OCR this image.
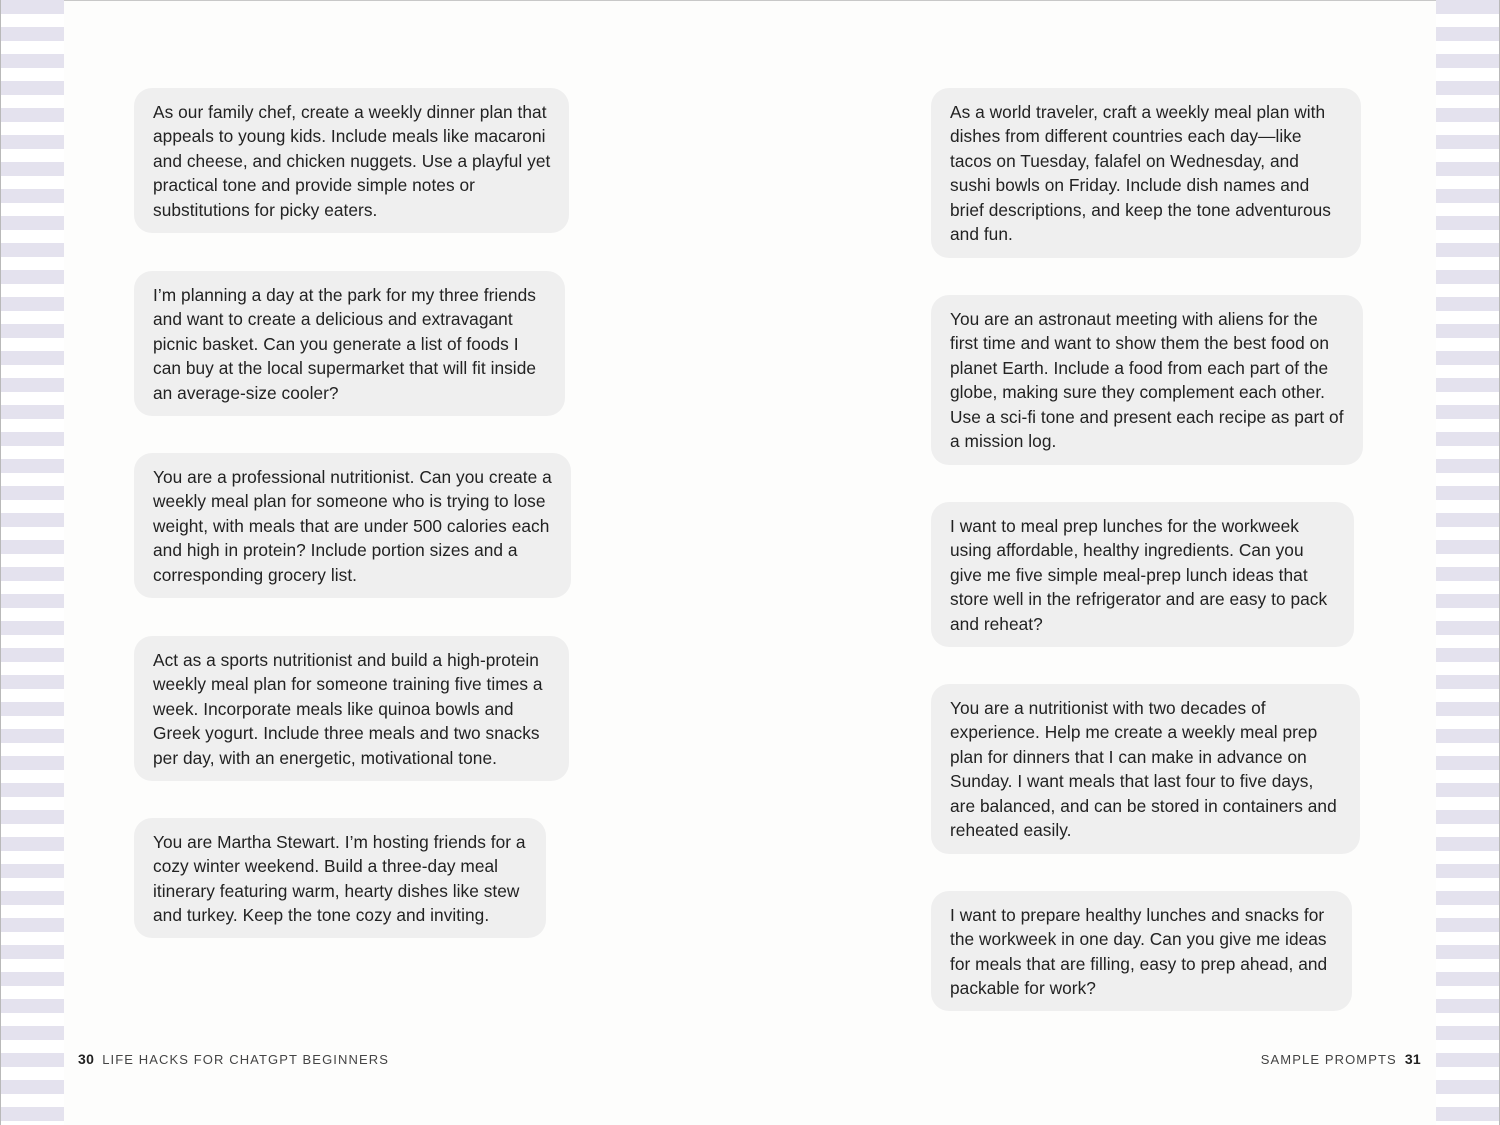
As our family chef, create a weekly dinner plan that appeals to young kids. Include meals like macaroni and cheese, and chicken nuggets. Use a playful yet practical tone and provide simple notes or substitutions for picky eaters.
I’m planning a day at the park for my three friends and want to create a delicious and extravagant picnic basket. Can you generate a list of foods I can buy at the local supermarket that will fit inside an average-size cooler?
You are a professional nutritionist. Can you create a weekly meal plan for someone who is trying to lose weight, with meals that are under 500 calories each and high in protein? Include portion sizes and a corresponding grocery list.
Act as a sports nutritionist and build a high-protein weekly meal plan for someone training five times a week. Incorporate meals like quinoa bowls and Greek yogurt. Include three meals and two snacks per day, with an energetic, motivational tone.
You are Martha Stewart. I’m hosting friends for a cozy winter weekend. Build a three-day meal itinerary featuring warm, hearty dishes like stew and turkey. Keep the tone cozy and inviting.
As a world traveler, craft a weekly meal plan with dishes from different countries each day—like tacos on Tuesday, falafel on Wednesday, and sushi bowls on Friday. Include dish names and brief descriptions, and keep the tone adventurous and fun.
You are an astronaut meeting with aliens for the first time and want to show them the best food on planet Earth. Include a food from each part of the globe, making sure they complement each other. Use a sci-fi tone and present each recipe as part of a mission log.
I want to meal prep lunches for the workweek using affordable, healthy ingredients. Can you give me five simple meal-prep lunch ideas that store well in the refrigerator and are easy to pack and reheat?
You are a nutritionist with two decades of experience. Help me create a weekly meal prep plan for dinners that I can make in advance on Sunday. I want meals that last four to five days, are balanced, and can be stored in containers and reheated easily.
I want to prepare healthy lunches and snacks for the workweek in one day. Can you give me ideas for meals that are filling, easy to prep ahead, and packable for work?
30 LIFE HACKS FOR CHATGPT BEGINNERS	SAMPLE PROMPTS 31
